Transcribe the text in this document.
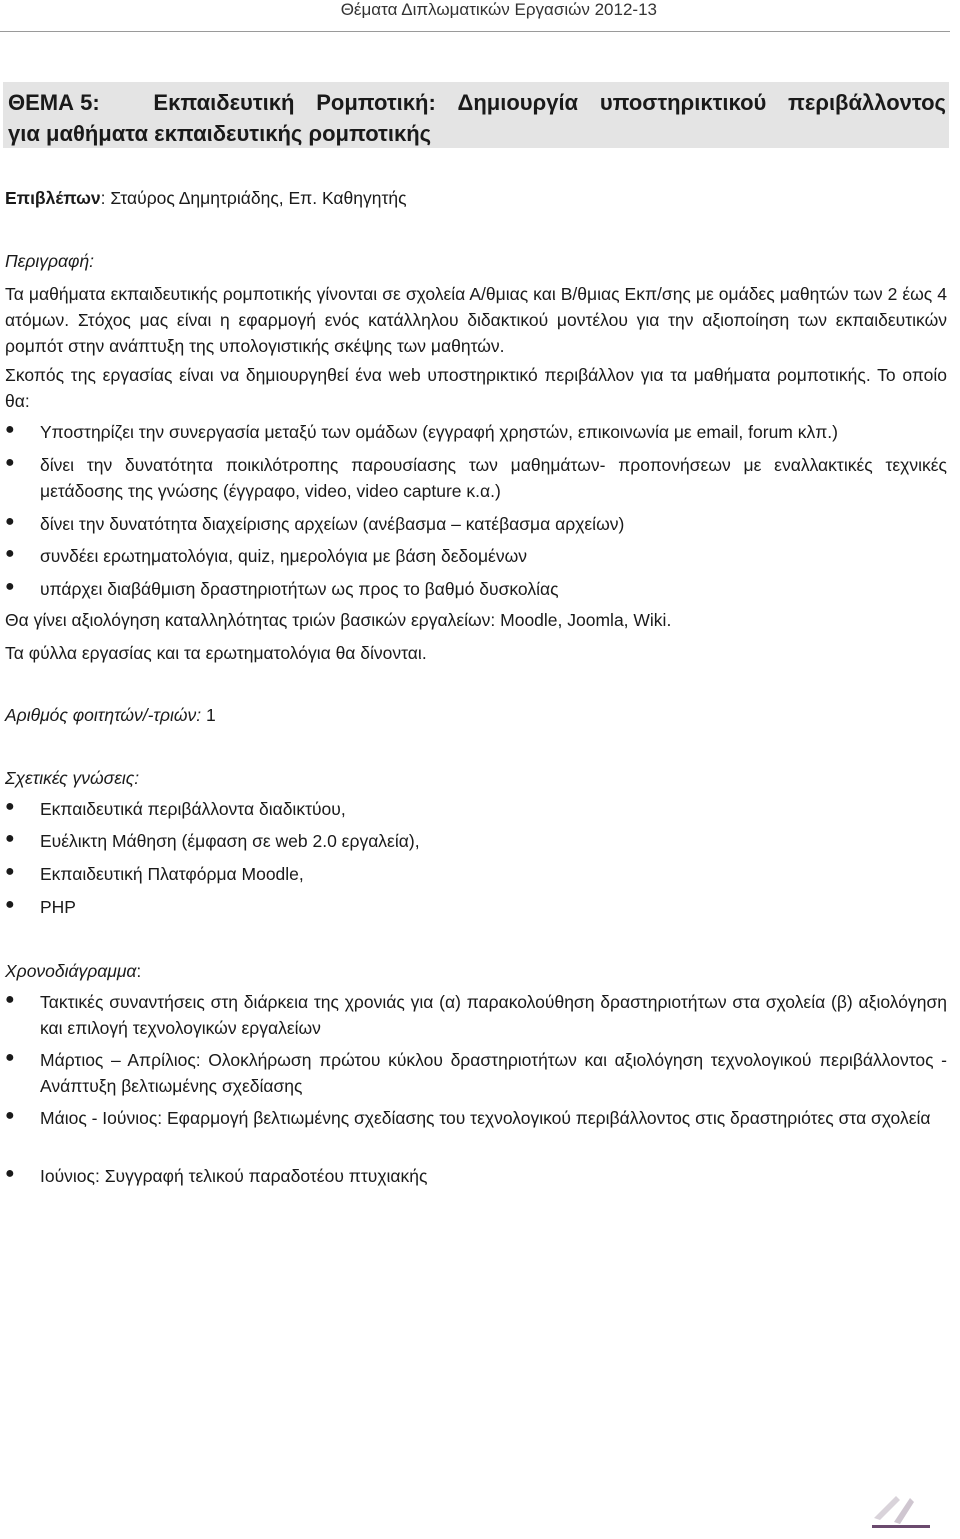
Θέματα Διπλωματικών Εργασιών 2012-13
ΘΕΜΑ 5: Εκπαιδευτική Ρομποτική: Δημιουργία υποστηρικτικού περιβάλλοντος
για μαθήματα εκπαιδευτικής ρομποτικής
Επιβλέπων: Σταύρος Δημητριάδης, Επ. Καθηγητής
Περιγραφή:
Τα μαθήματα εκπαιδευτικής ρομποτικής γίνονται σε σχολεία Α/θμιας και Β/θμιας Εκπ/σης με ομάδες μαθητών των 2 έως 4 ατόμων. Στόχος μας είναι η εφαρμογή ενός κατάλληλου διδακτικού μοντέλου για την αξιοποίηση των εκπαιδευτικών ρομπότ στην ανάπτυξη της υπολογιστικής σκέψης των μαθητών.
Σκοπός της εργασίας είναι να δημιουργηθεί ένα web υποστηρικτικό περιβάλλον για τα μαθήματα ρομποτικής. Το οποίο θα:
● Υποστηρίζει την συνεργασία μεταξύ των ομάδων (εγγραφή χρηστών, επικοινωνία με email, forum κλπ.)
● δίνει την δυνατότητα ποικιλότροπης παρουσίασης των μαθημάτων- προπονήσεων με εναλλακτικές τεχνικές μετάδοσης της γνώσης (έγγραφο, video, video capture κ.α.)
● δίνει την δυνατότητα διαχείρισης αρχείων (ανέβασμα – κατέβασμα αρχείων)
● συνδέει ερωτηματολόγια, quiz, ημερολόγια με βάση δεδομένων
● υπάρχει διαβάθμιση δραστηριοτήτων ως προς το βαθμό δυσκολίας
Θα γίνει αξιολόγηση καταλληλότητας τριών βασικών εργαλείων: Moodle, Joomla, Wiki.
Τα φύλλα εργασίας και τα ερωτηματολόγια θα δίνονται.
Αριθμός φοιτητών/-τριών: 1
Σχετικές γνώσεις:
● Εκπαιδευτικά περιβάλλοντα διαδικτύου,
● Ευέλικτη Μάθηση (έμφαση σε web 2.0 εργαλεία),
● Εκπαιδευτική Πλατφόρμα Moodle,
● PHP
Χρονοδιάγραμμα:
● Τακτικές συναντήσεις στη διάρκεια της χρονιάς για (α) παρακολούθηση δραστηριοτήτων στα σχολεία (β) αξιολόγηση και επιλογή τεχνολογικών εργαλείων
● Μάρτιος – Απρίλιος: Ολοκλήρωση πρώτου κύκλου δραστηριοτήτων και αξιολόγηση τεχνολογικού περιβάλλοντος - Ανάπτυξη βελτιωμένης σχεδίασης
● Μάιος - Ιούνιος: Εφαρμογή βελτιωμένης σχεδίασης του τεχνολογικού περιβάλλοντος στις δραστηριότες στα σχολεία
● Ιούνιος: Συγγραφή τελικού παραδοτέου πτυχιακής
